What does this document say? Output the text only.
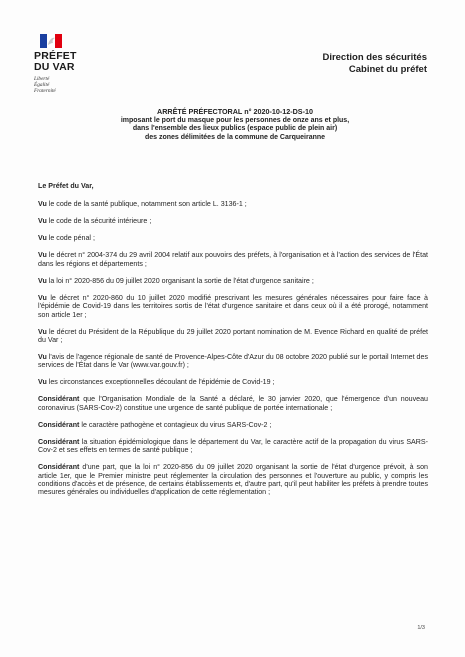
PRÉFET
DU VAR
Liberté
Égalité
Fraternité
Direction des sécurités
Cabinet du préfet
ARRÊTÉ PRÉFECTORAL n° 2020-10-12-DS-10
imposant le port du masque pour les personnes de onze ans et plus,
dans l'ensemble des lieux publics (espace public de plein air)
des zones délimitées de la commune de Carqueiranne

Le Préfet du Var,

Vu le code de la santé publique, notamment son article L. 3136-1 ;

Vu le code de la sécurité intérieure ;

Vu le code pénal ;

Vu le décret n° 2004-374 du 29 avril 2004 relatif aux pouvoirs des préfets, à l'organisation et à l'action des services de l'État dans les régions et départements ;

Vu la loi n° 2020-856 du 09 juillet 2020 organisant la sortie de l'état d'urgence sanitaire ;

Vu le décret n° 2020-860 du 10 juillet 2020 modifié prescrivant les mesures générales nécessaires pour faire face à l'épidémie de Covid-19 dans les territoires sortis de l'état d'urgence sanitaire et dans ceux où il a été prorogé, notamment son article 1er ;

Vu le décret du Président de la République du 29 juillet 2020 portant nomination de M. Evence Richard en qualité de préfet du Var ;

Vu l'avis de l'agence régionale de santé de Provence-Alpes-Côte d'Azur du 08 octobre 2020 publié sur le portail Internet des services de l'État dans le Var (www.var.gouv.fr) ;

Vu les circonstances exceptionnelles découlant de l'épidémie de Covid-19 ;

Considérant que l'Organisation Mondiale de la Santé a déclaré, le 30 janvier 2020, que l'émergence d'un nouveau coronavirus (SARS-Cov-2) constitue une urgence de santé publique de portée internationale ;

Considérant le caractère pathogène et contagieux du virus SARS-Cov-2 ;

Considérant la situation épidémiologique dans le département du Var, le caractère actif de la propagation du virus SARS-Cov-2 et ses effets en termes de santé publique ;

Considérant d'une part, que la loi n° 2020-856 du 09 juillet 2020 organisant la sortie de l'état d'urgence prévoit, à son article 1er, que le Premier ministre peut réglementer la circulation des personnes et l'ouverture au public, y compris les conditions d'accès et de présence, de certains établissements et, d'autre part, qu'il peut habiliter les préfets à prendre toutes mesures générales ou individuelles d'application de cette réglementation ;

1/3
